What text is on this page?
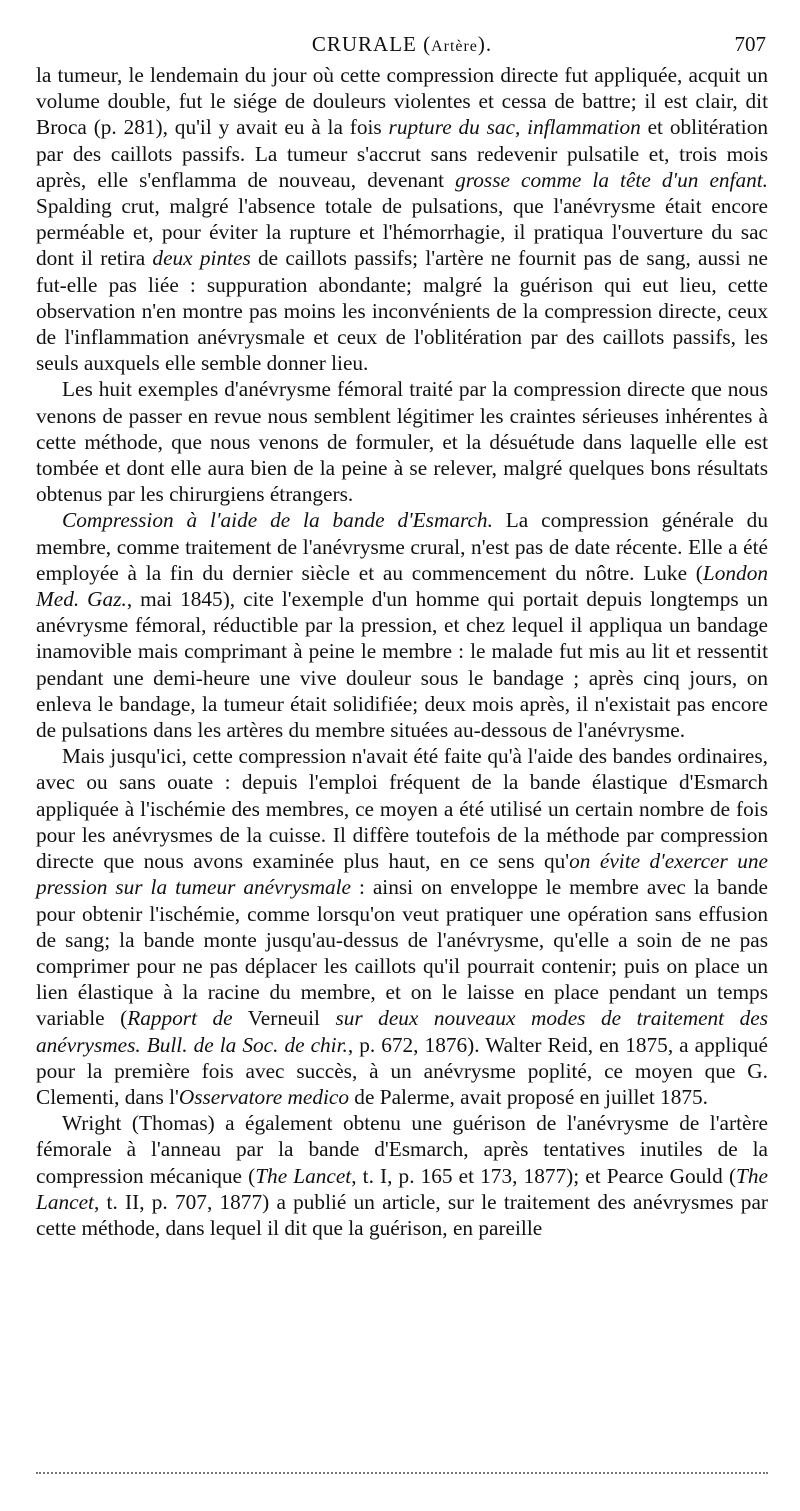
CRURALE (Artère).	707

la tumeur, le lendemain du jour où cette compression directe fut appliquée, acquit un volume double, fut le siége de douleurs violentes et cessa de battre; il est clair, dit Broca (p. 281), qu'il y avait eu à la fois rupture du sac, inflammation et oblitération par des caillots passifs. La tumeur s'accrut sans redevenir pulsatile et, trois mois après, elle s'enflamma de nouveau, devenant grosse comme la tête d'un enfant. Spalding crut, malgré l'absence totale de pulsations, que l'anévrysme était encore perméable et, pour éviter la rupture et l'hémorrhagie, il pratiqua l'ouverture du sac dont il retira deux pintes de caillots passifs; l'artère ne fournit pas de sang, aussi ne fut-elle pas liée : suppuration abondante; malgré la guérison qui eut lieu, cette observation n'en montre pas moins les inconvénients de la compression directe, ceux de l'inflammation anévrysmale et ceux de l'oblitération par des caillots passifs, les seuls auxquels elle semble donner lieu.

Les huit exemples d'anévrysme fémoral traité par la compression directe que nous venons de passer en revue nous semblent légitimer les craintes sérieuses inhérentes à cette méthode, que nous venons de formuler, et la désuétude dans laquelle elle est tombée et dont elle aura bien de la peine à se relever, malgré quelques bons résultats obtenus par les chirurgiens étrangers.

Compression à l'aide de la bande d'Esmarch. La compression générale du membre, comme traitement de l'anévrysme crural, n'est pas de date récente. Elle a été employée à la fin du dernier siècle et au commencement du nôtre. Luke (London Med. Gaz., mai 1845), cite l'exemple d'un homme qui portait depuis longtemps un anévrysme fémoral, réductible par la pression, et chez lequel il appliqua un bandage inamovible mais comprimant à peine le membre : le malade fut mis au lit et ressentit pendant une demi-heure une vive douleur sous le bandage ; après cinq jours, on enleva le bandage, la tumeur était solidifiée; deux mois après, il n'existait pas encore de pulsations dans les artères du membre situées au-dessous de l'anévrysme.

Mais jusqu'ici, cette compression n'avait été faite qu'à l'aide des bandes ordinaires, avec ou sans ouate : depuis l'emploi fréquent de la bande élastique d'Esmarch appliquée à l'ischémie des membres, ce moyen a été utilisé un certain nombre de fois pour les anévrysmes de la cuisse. Il diffère toutefois de la méthode par compression directe que nous avons examinée plus haut, en ce sens qu'on évite d'exercer une pression sur la tumeur anévrysmale : ainsi on enveloppe le membre avec la bande pour obtenir l'ischémie, comme lorsqu'on veut pratiquer une opération sans effusion de sang; la bande monte jusqu'au-dessus de l'anévrysme, qu'elle a soin de ne pas comprimer pour ne pas déplacer les caillots qu'il pourrait contenir; puis on place un lien élastique à la racine du membre, et on le laisse en place pendant un temps variable (Rapport de Verneuil sur deux nouveaux modes de traitement des anévrysmes. Bull. de la Soc. de chir., p. 672, 1876). Walter Reid, en 1875, a appliqué pour la première fois avec succès, à un anévrysme poplité, ce moyen que G. Clementi, dans l'Osservatore medico de Palerme, avait proposé en juillet 1875.

Wright (Thomas) a également obtenu une guérison de l'anévrysme de l'artère fémorale à l'anneau par la bande d'Esmarch, après tentatives inutiles de la compression mécanique (The Lancet, t. I, p. 165 et 173, 1877); et Pearce Gould (The Lancet, t. II, p. 707, 1877) a publié un article, sur le traitement des anévrysmes par cette méthode, dans lequel il dit que la guérison, en pareille
